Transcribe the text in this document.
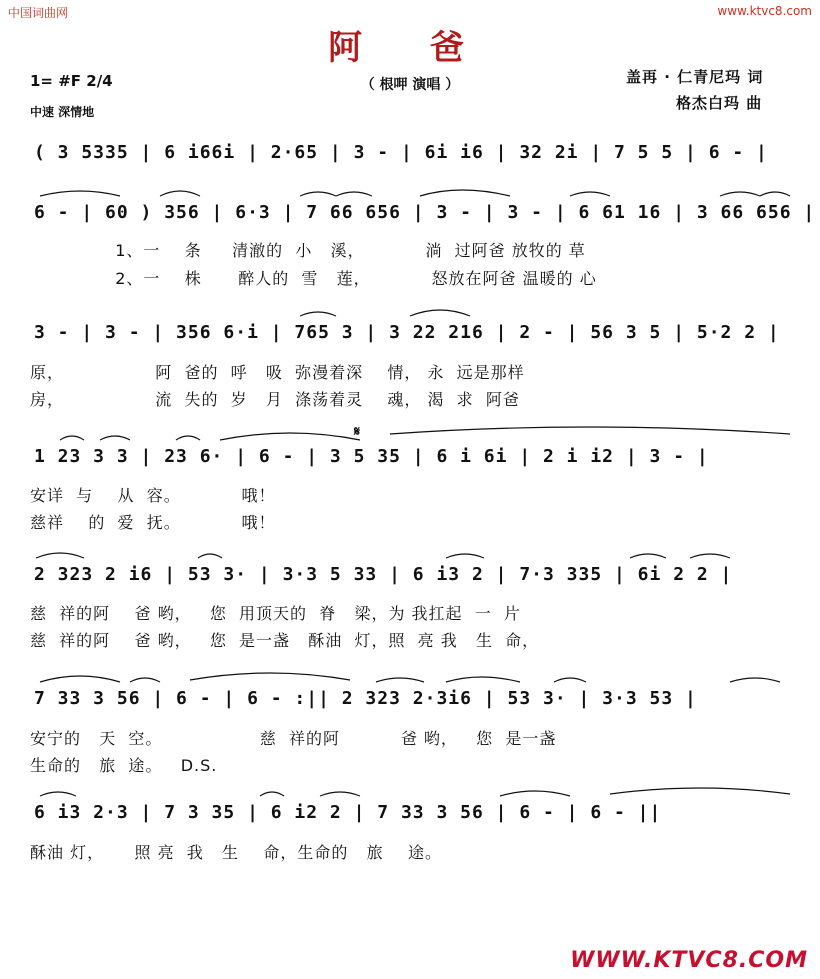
中国词曲网	www.ktvc8.com
阿 爸
（ 根呷 演唱 ）
1= #F 2/4
中速 深情地
盖再 · 仁青尼玛 词
格杰白玛 曲
( 3 5335 | 6 i66i | 2·65 | 3 - | 6i i6 | 32 2i | 7 5 5 | 6 - |
6 - | 60 ) 356 | 6·3 | 7 66 656 | 3 - | 3 - | 6 61 16 | 3 66 656 |
1、一    条     清澈的  小   溪，          淌  过阿爸 放牧的 草
2、一    株      醉人的  雪   莲，          怒放在阿爸 温暖的 心
3 - | 3 - | 356 6·i | 765 3 | 3 22 216 | 2 - | 56 3 5 | 5·2 2 |
原，               阿  爸的  呼   吸  弥漫着深    情， 永  远是那样
房，               流  失的  岁   月  涤荡着灵    魂， 渴  求  阿爸
𝄋
1 23 3 3 | 23 6· | 6 - | 3 5 35 | 6 i 6i | 2 i i2 | 3 - |
安详  与    从  容。          哦！
慈祥    的  爱  抚。          哦！
2 323 2 i6 | 53 3· | 3·3 5 33 | 6 i3 2 | 7·3 335 | 6i 2 2 |
慈  祥的阿    爸 哟，   您  用顶天的  脊   梁，为 我扛起  一  片
慈  祥的阿    爸 哟，   您  是一盏   酥油  灯，照  亮 我   生  命，
7 33 3 56 | 6 - | 6 - :|| 2 323 2·3i6 | 53 3· | 3·3 53 |
安宁的   天  空。                慈  祥的阿          爸 哟，   您  是一盏
生命的   旅  途。   D.S.
6 i3 2·3 | 7 3 35 | 6 i2 2 | 7 33 3 56 | 6 - | 6 - ||
酥油 灯，     照 亮  我   生    命，生命的   旅    途。
WWW.KTVC8.COM
